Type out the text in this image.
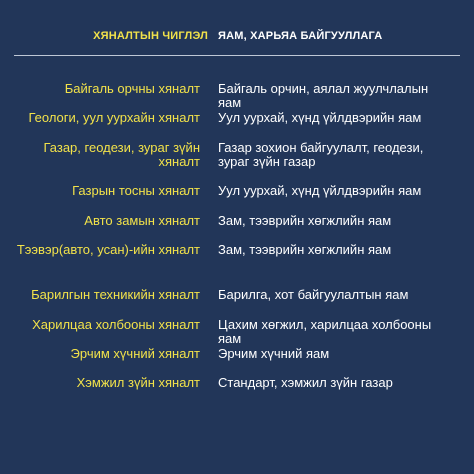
ХЯНАЛТЫН ЧИГЛЭЛ ЯАМ, ХАРЬЯА БАЙГУУЛЛАГА
Байгаль орчны хяналт Байгаль орчин, аялал жуулчлалын яам
Геологи, уул уурхайн хяналт Уул уурхай, хүнд үйлдвэрийн яам
Газар, геодези, зураг зүйн хяналт
Газар зохион байгуулалт, геодези, зураг зүйн газар
Газрын тосны хяналт Уул уурхай, хүнд үйлдвэрийн яам
Авто замын хяналт Зам, тээврийн хөгжлийн яам
Тээвэр(авто, усан)-ийн хяналт Зам, тээврийн хөгжлийн яам
Барилгын техникийн хяналт Барилга, хот байгуулалтын яам
Харилцаа холбооны хяналт Цахим хөгжил, харилцаа холбооны яам
Эрчим хүчний хяналт Эрчим хүчний яам
Хэмжил зүйн хяналт Стандарт, хэмжил зүйн газар
